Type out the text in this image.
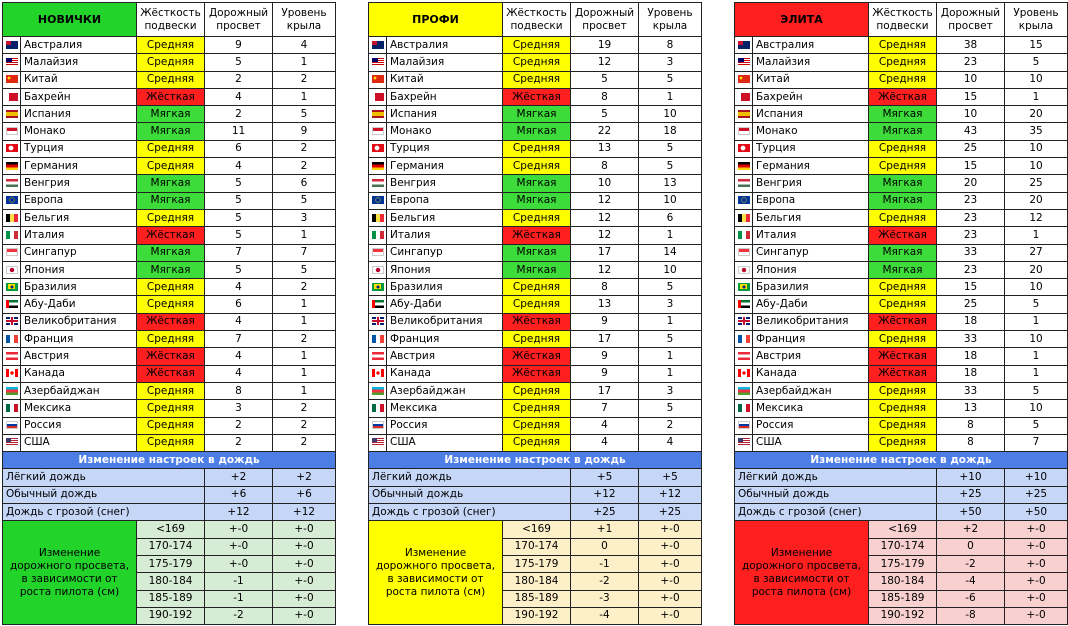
НОВИЧКИ		Жёсткость подвески	Дорожный просвет	Уровень крыла
	Австралия	Средняя	9	4
	Малайзия	Средняя	5	1
	Китай	Средняя	2	2
	Бахрейн	Жёсткая	4	1
	Испания	Мягкая	2	5
	Монако	Мягкая	11	9
	Турция	Средняя	6	2
	Германия	Средняя	4	2
	Венгрия	Мягкая	5	6
	Европа	Мягкая	5	5
	Бельгия	Средняя	5	3
	Италия	Жёсткая	5	1
	Сингапур	Мягкая	7	7
	Япония	Мягкая	5	5
	Бразилия	Средняя	4	2
	Абу-Даби	Средняя	6	1
	Великобритания	Жёсткая	4	1
	Франция	Средняя	7	2
	Австрия	Жёсткая	4	1
	Канада	Жёсткая	4	1
	Азербайджан	Средняя	8	1
	Мексика	Средняя	3	2
	Россия	Средняя	2	2
	США	Средняя	2	2
Изменение настроек в дождь				
Лёгкий дождь			+2	+2
Обычный дождь			+6	+6
Дождь с грозой (снег)			+12	+12
Изменение дорожного просвета, в зависимости от роста пилота (см)		<169	+-0	+-0
		170-174	+-0	+-0
		175-179	+-0	+-0
		180-184	-1	+-0
		185-189	-1	+-0
		190-192	-2	+-0
ПРОФИ		Жёсткость подвески	Дорожный просвет	Уровень крыла
	Австралия	Средняя	19	8
	Малайзия	Средняя	12	3
	Китай	Средняя	5	5
	Бахрейн	Жёсткая	8	1
	Испания	Мягкая	5	10
	Монако	Мягкая	22	18
	Турция	Средняя	13	5
	Германия	Средняя	8	5
	Венгрия	Мягкая	10	13
	Европа	Мягкая	12	10
	Бельгия	Средняя	12	6
	Италия	Жёсткая	12	1
	Сингапур	Мягкая	17	14
	Япония	Мягкая	12	10
	Бразилия	Средняя	8	5
	Абу-Даби	Средняя	13	3
	Великобритания	Жёсткая	9	1
	Франция	Средняя	17	5
	Австрия	Жёсткая	9	1
	Канада	Жёсткая	9	1
	Азербайджан	Средняя	17	3
	Мексика	Средняя	7	5
	Россия	Средняя	4	2
	США	Средняя	4	4
Изменение настроек в дождь				
Лёгкий дождь			+5	+5
Обычный дождь			+12	+12
Дождь с грозой (снег)			+25	+25
Изменение дорожного просвета, в зависимости от роста пилота (см)		<169	+1	+-0
		170-174	0	+-0
		175-179	-1	+-0
		180-184	-2	+-0
		185-189	-3	+-0
		190-192	-4	+-0
ЭЛИТА		Жёсткость подвески	Дорожный просвет	Уровень крыла
	Австралия	Средняя	38	15
	Малайзия	Средняя	23	5
	Китай	Средняя	10	10
	Бахрейн	Жёсткая	15	1
	Испания	Мягкая	10	20
	Монако	Мягкая	43	35
	Турция	Средняя	25	10
	Германия	Средняя	15	10
	Венгрия	Мягкая	20	25
	Европа	Мягкая	23	20
	Бельгия	Средняя	23	12
	Италия	Жёсткая	23	1
	Сингапур	Мягкая	33	27
	Япония	Мягкая	23	20
	Бразилия	Средняя	15	10
	Абу-Даби	Средняя	25	5
	Великобритания	Жёсткая	18	1
	Франция	Средняя	33	10
	Австрия	Жёсткая	18	1
	Канада	Жёсткая	18	1
	Азербайджан	Средняя	33	5
	Мексика	Средняя	13	10
	Россия	Средняя	8	5
	США	Средняя	8	7
Изменение настроек в дождь				
Лёгкий дождь			+10	+10
Обычный дождь			+25	+25
Дождь с грозой (снег)			+50	+50
Изменение дорожного просвета, в зависимости от роста пилота (см)		<169	+2	+-0
		170-174	0	+-0
		175-179	-2	+-0
		180-184	-4	+-0
		185-189	-6	+-0
		190-192	-8	+-0
